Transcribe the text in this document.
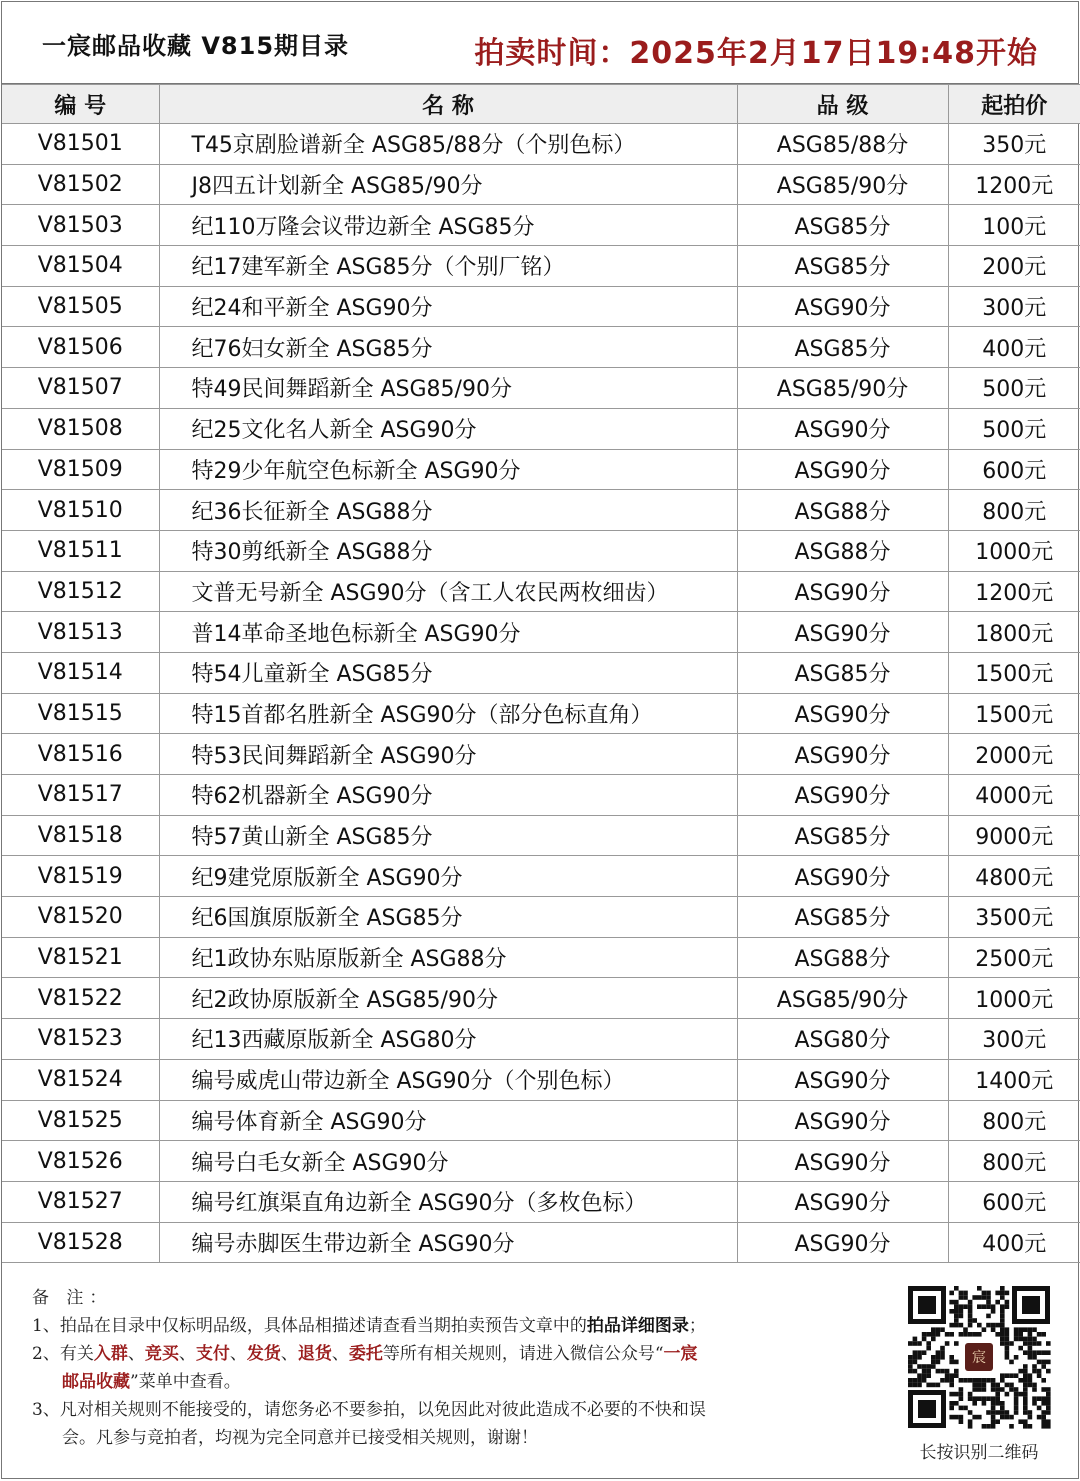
一宸邮品收藏 V815期目录	拍卖时间：2025年2月17日19:48开始
编 号	名 称	品 级	起拍价
V81501	T45京剧脸谱新全 ASG85/88分（个别色标）	ASG85/88分	350元
V81502	J8四五计划新全 ASG85/90分	ASG85/90分	1200元
V81503	纪110万隆会议带边新全 ASG85分	ASG85分	100元
V81504	纪17建军新全 ASG85分（个别厂铭）	ASG85分	200元
V81505	纪24和平新全 ASG90分	ASG90分	300元
V81506	纪76妇女新全 ASG85分	ASG85分	400元
V81507	特49民间舞蹈新全 ASG85/90分	ASG85/90分	500元
V81508	纪25文化名人新全 ASG90分	ASG90分	500元
V81509	特29少年航空色标新全 ASG90分	ASG90分	600元
V81510	纪36长征新全 ASG88分	ASG88分	800元
V81511	特30剪纸新全 ASG88分	ASG88分	1000元
V81512	文普无号新全 ASG90分（含工人农民两枚细齿）	ASG90分	1200元
V81513	普14革命圣地色标新全 ASG90分	ASG90分	1800元
V81514	特54儿童新全 ASG85分	ASG85分	1500元
V81515	特15首都名胜新全 ASG90分（部分色标直角）	ASG90分	1500元
V81516	特53民间舞蹈新全 ASG90分	ASG90分	2000元
V81517	特62机器新全 ASG90分	ASG90分	4000元
V81518	特57黄山新全 ASG85分	ASG85分	9000元
V81519	纪9建党原版新全 ASG90分	ASG90分	4800元
V81520	纪6国旗原版新全 ASG85分	ASG85分	3500元
V81521	纪1政协东贴原版新全 ASG88分	ASG88分	2500元
V81522	纪2政协原版新全 ASG85/90分	ASG85/90分	1000元
V81523	纪13西藏原版新全 ASG80分	ASG80分	300元
V81524	编号威虎山带边新全 ASG90分（个别色标）	ASG90分	1400元
V81525	编号体育新全 ASG90分	ASG90分	800元
V81526	编号白毛女新全 ASG90分	ASG90分	800元
V81527	编号红旗渠直角边新全 ASG90分（多枚色标）	ASG90分	600元
V81528	编号赤脚医生带边新全 ASG90分	ASG90分	400元
备 注：
1、拍品在目录中仅标明品级，具体品相描述请查看当期拍卖预告文章中的拍品详细图录；
2、有关入群、竞买、支付、发货、退货、委托等所有相关规则，请进入微信公众号“一宸
邮品收藏”菜单中查看。
3、凡对相关规则不能接受的，请您务必不要参拍，以免因此对彼此造成不必要的不快和误
会。凡参与竞拍者，均视为完全同意并已接受相关规则，谢谢！
宸
长按识别二维码
